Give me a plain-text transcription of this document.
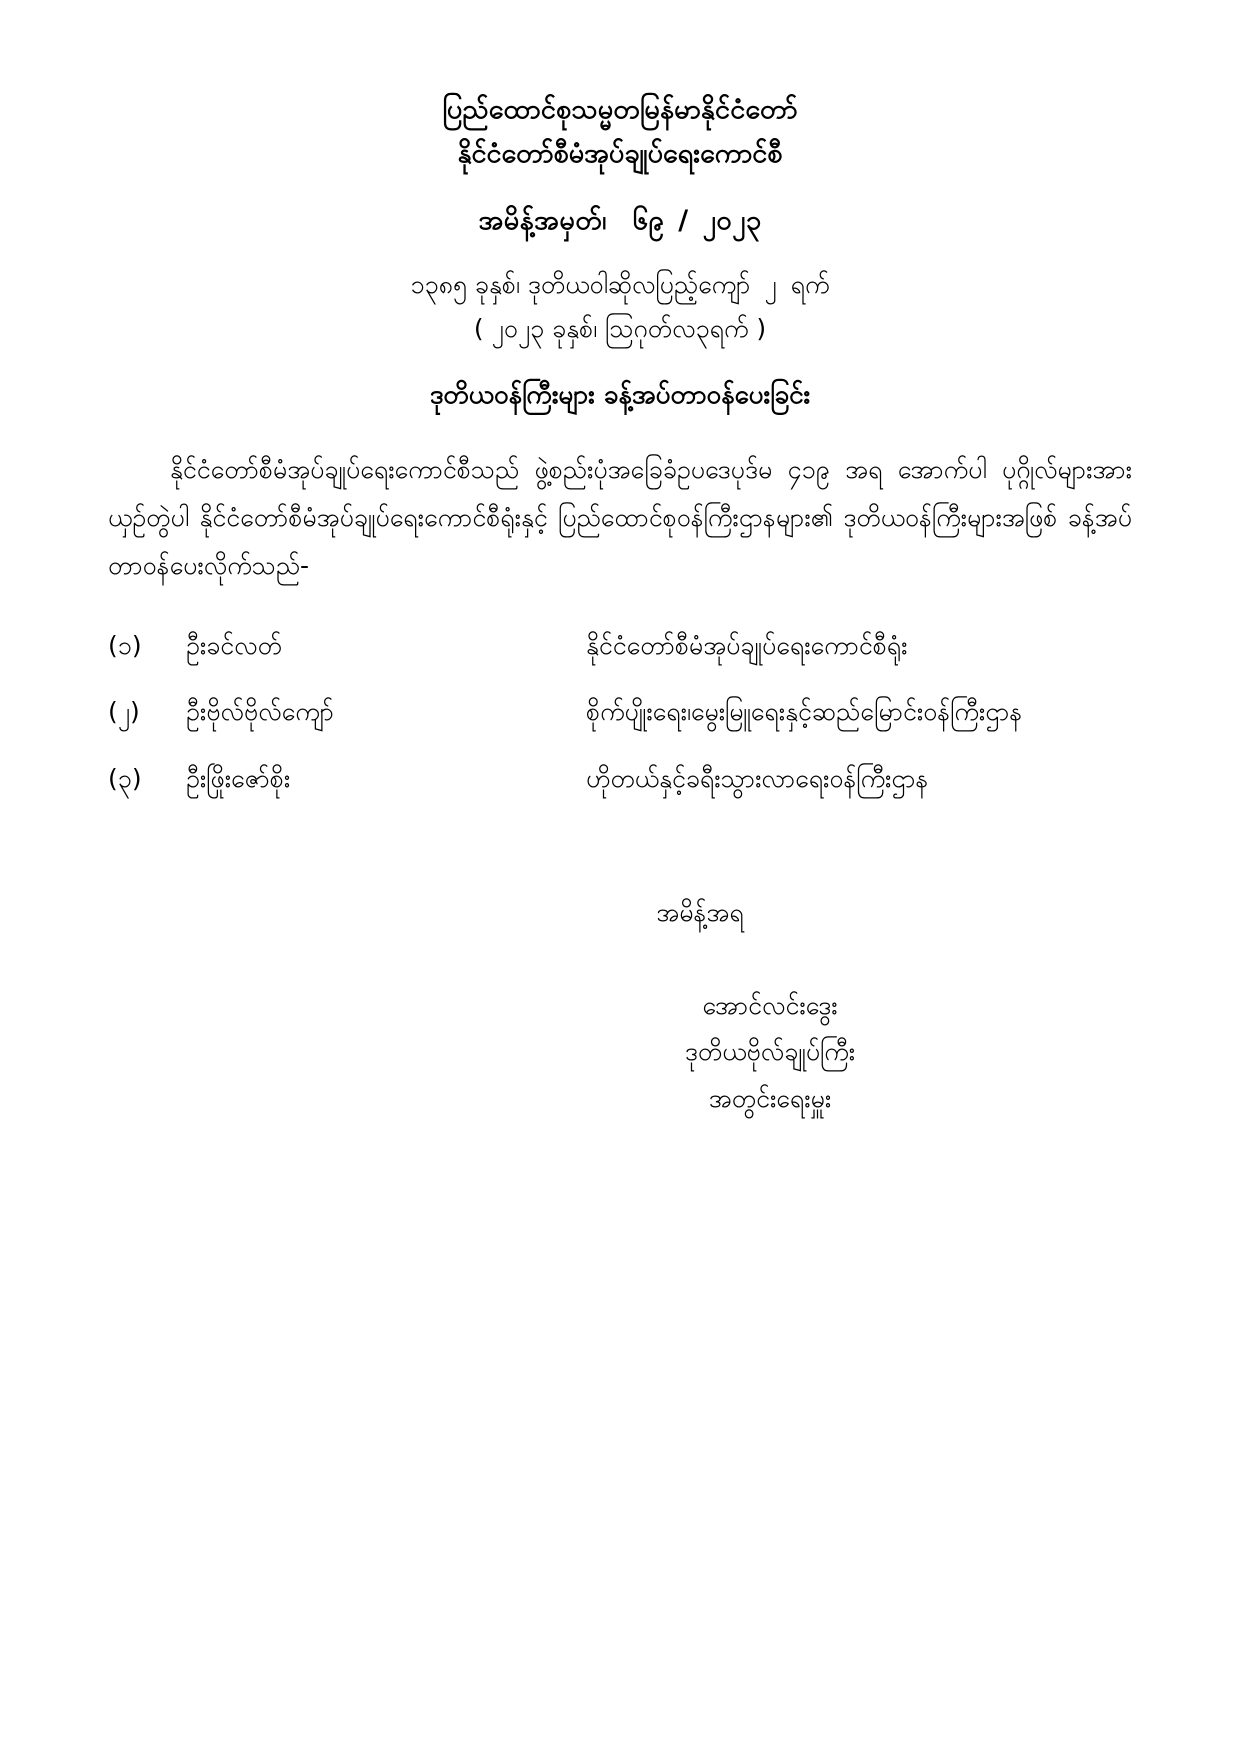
ပြည်ထောင်စုသမ္မတမြန်မာနိုင်ငံတော်
နိုင်ငံတော်စီမံအုပ်ချုပ်ရေးကောင်စီ
အမိန့်အမှတ်၊ ၆၉ / ၂၀၂၃
၁၃၈၅ ခုနှစ်၊ ဒုတိယဝါဆိုလပြည့်ကျော် ၂ ရက်
( ၂၀၂၃ ခုနှစ်၊ သြဂုတ်လ၃ရက် )
ဒုတိယဝန်ကြီးများ ခန့်အပ်တာဝန်ပေးခြင်း

နိုင်ငံတော်စီမံအုပ်ချုပ်ရေးကောင်စီသည် ဖွဲ့စည်းပုံအခြေခံဥပဒေပုဒ်မ ၄၁၉ အရ အောက်ပါ ပုဂ္ဂိုလ်များအား ယှဉ်တွဲပါ နိုင်ငံတော်စီမံအုပ်ချုပ်ရေးကောင်စီရုံးနှင့် ပြည်ထောင်စုဝန်ကြီးဌာနများ၏ ဒုတိယဝန်ကြီးများအဖြစ် ခန့်အပ်တာဝန်ပေးလိုက်သည်-

(၁)	ဦးခင်လတ်	နိုင်ငံတော်စီမံအုပ်ချုပ်ရေးကောင်စီရုံး
(၂)	ဦးဗိုလ်ဗိုလ်ကျော်	စိုက်ပျိုးရေး၊မွေးမြူရေးနှင့်ဆည်မြောင်းဝန်ကြီးဌာန
(၃)	ဦးဖြိုးဇော်စိုး	ဟိုတယ်နှင့်ခရီးသွားလာရေးဝန်ကြီးဌာန
အမိန့်အရ
အောင်လင်းဒွေး
ဒုတိယဗိုလ်ချုပ်ကြီး
အတွင်းရေးမှူး
